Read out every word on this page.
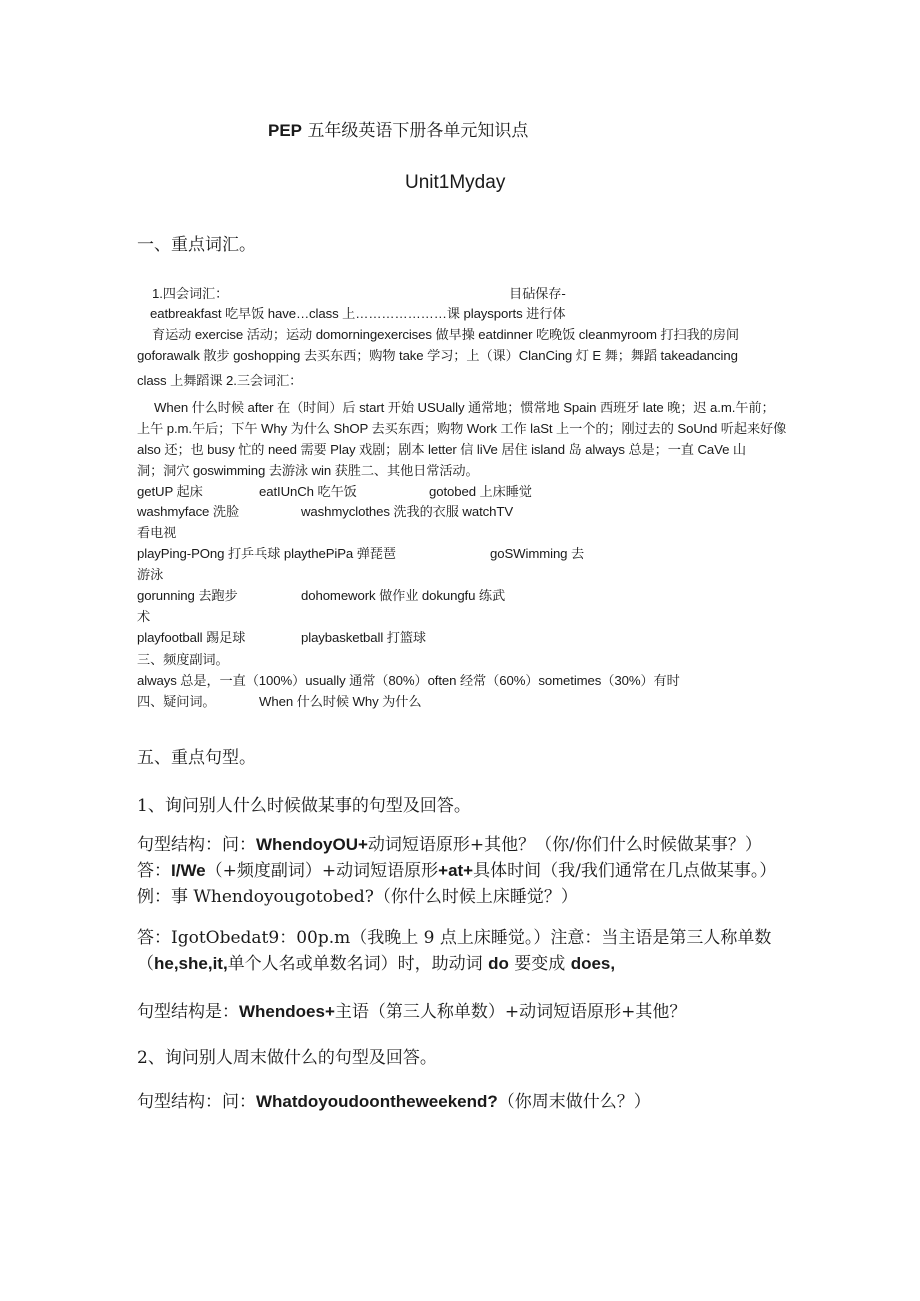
PEP 五年级英语下册各单元知识点
Unit1Myday
一、重点词汇。
1.四会词汇：	目砧保存-
eatbreakfast 吃早饭 have…class 上…………………课 playsports 进行体
育运动 exercise 活动；运动 domorningexercises 做早操 eatdinner 吃晚饭 cleanmyroom 打扫我的房间
goforawalk 散步 goshopping 去买东西；购物 take 学习；上（课）ClanCing 灯 E 舞；舞蹈 takeadancing
class 上舞蹈课 2.三会词汇：
When 什么时候 after 在（时间）后 start 开始 USUally 通常地；惯常地 Spain 西班牙 late 晚；迟 a.m.午前；
上午 p.m.午后；下午 Why 为什么 ShOP 去买东西；购物 Work 工作 laSt 上一个的；刚过去的 SoUnd 听起来好像
also 还；也 busy 忙的 need 需要 Play 戏剧；剧本 letter 信 liVe 居住 island 岛 always 总是；一直 CaVe 山
洞；洞穴 goswimming 去游泳 win 获胜二、其他日常活动。
getUP 起床	eatIUnCh 吃午饭	gotobed 上床睡觉
washmyface 洗脸	washmyclothes 洗我的衣服 watchTV
看电视
playPing-POng 打乒乓球 playthePiPa 弹琵琶	goSWimming 去
游泳
gorunning 去跑步	dohomework 做作业 dokungfu 练武
术
playfootball 踢足球	playbasketball 打篮球
三、频度副词。
always 总是，一直（100%）usually 通常（80%）often 经常（60%）sometimes（30%）有时
四、疑问词。	When 什么时候 Why 为什么
五、重点句型。
1、询问别人什么时候做某事的句型及回答。
句型结构：问：WhendoyOU+动词短语原形+其他？（你/你们什么时候做某事？）答：I/We（+频度副词）+动词短语原形+at+具体时间（我/我们通常在几点做某事。）例：事 Whendoyougotobed?（你什么时候上床睡觉？）
答：IgotObedat9：00p.m（我晚上 9 点上床睡觉。）注意：当主语是第三人称单数（he,she,it,单个人名或单数名词）时，助动词 do 要变成 does,
句型结构是：Whendoes+主语（第三人称单数）+动词短语原形+其他？
2、询问别人周末做什么的句型及回答。
句型结构：问：Whatdoyoudoontheweekend?（你周末做什么？）
